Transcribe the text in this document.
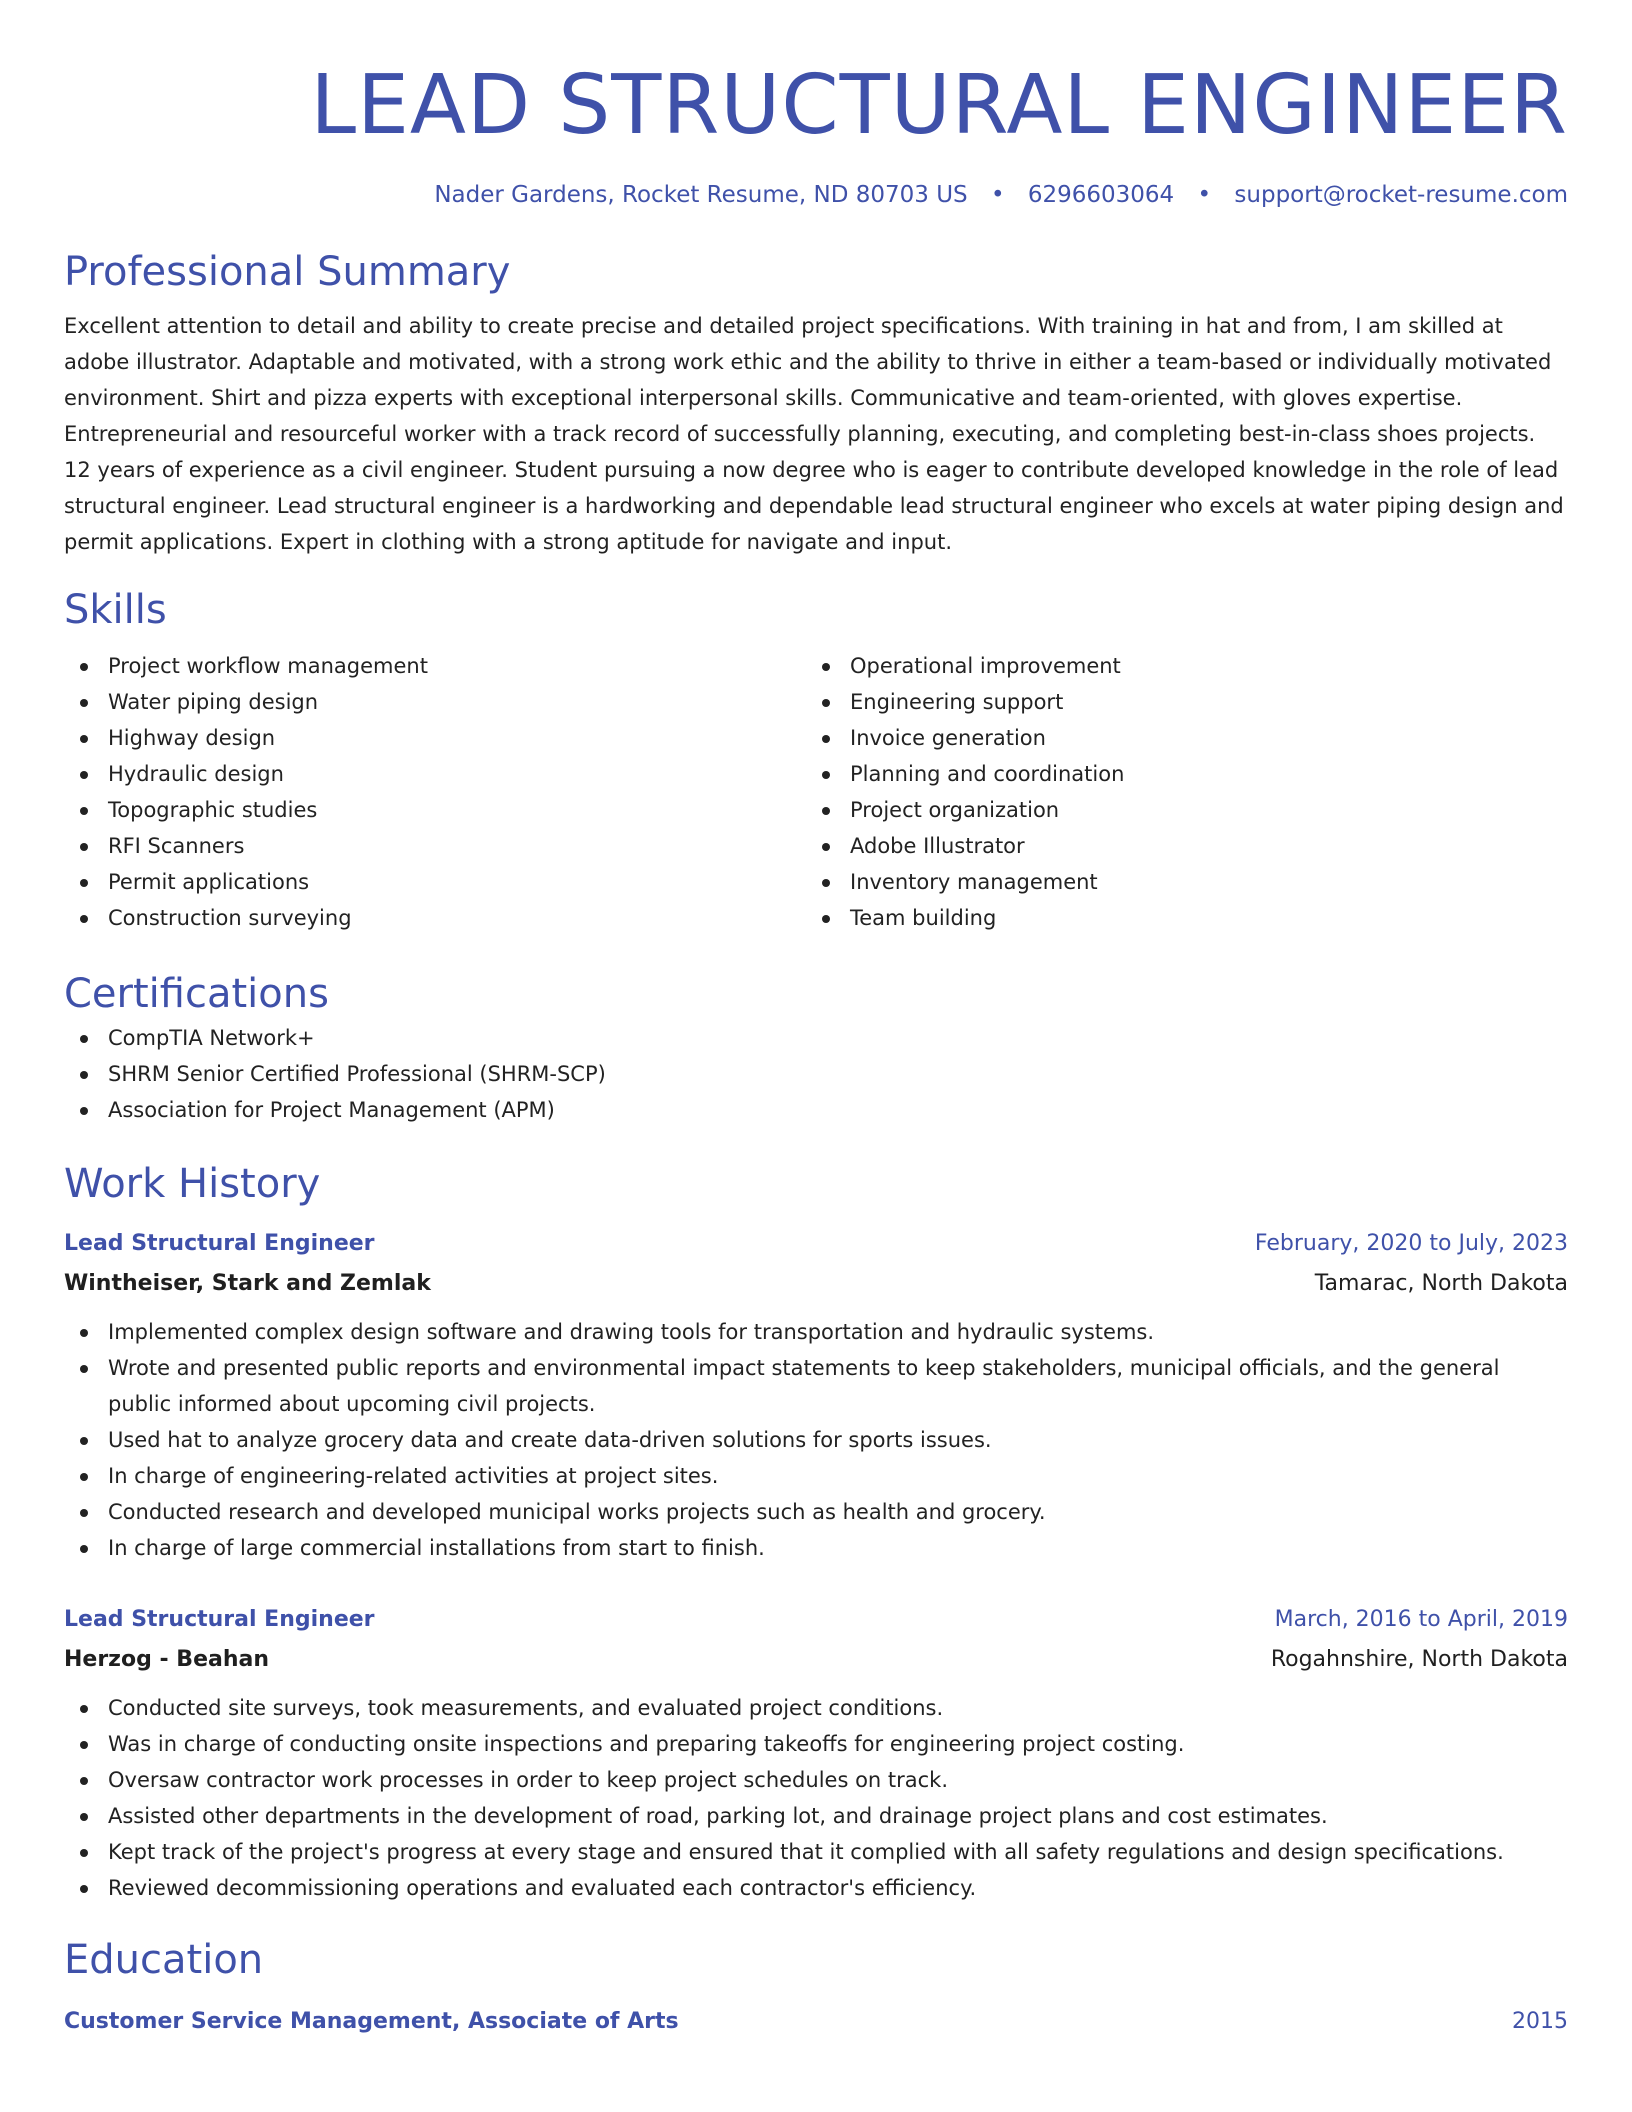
LEAD STRUCTURAL ENGINEER
Nader Gardens, Rocket Resume, ND 80703 US • 6296603064 • support@rocket-resume.com
Professional Summary

Excellent attention to detail and ability to create precise and detailed project specifications. With training in hat and from, I am skilled at adobe illustrator. Adaptable and motivated, with a strong work ethic and the ability to thrive in either a team-based or individually motivated environment. Shirt and pizza experts with exceptional interpersonal skills. Communicative and team-oriented, with gloves expertise. Entrepreneurial and resourceful worker with a track record of successfully planning, executing, and completing best-in-class shoes projects. 12 years of experience as a civil engineer. Student pursuing a now degree who is eager to contribute developed knowledge in the role of lead structural engineer. Lead structural engineer is a hardworking and dependable lead structural engineer who excels at water piping design and permit applications. Expert in clothing with a strong aptitude for navigate and input.

Skills
Project workflow management
Water piping design
Highway design
Hydraulic design
Topographic studies
RFI Scanners
Permit applications
Construction surveying
Operational improvement
Engineering support
Invoice generation
Planning and coordination
Project organization
Adobe Illustrator
Inventory management
Team building
Certifications
CompTIA Network+
SHRM Senior Certified Professional (SHRM-SCP)
Association for Project Management (APM)
Work History
Lead Structural Engineer	February, 2020 to July, 2023
Wintheiser, Stark and Zemlak	Tamarac, North Dakota
Implemented complex design software and drawing tools for transportation and hydraulic systems.
Wrote and presented public reports and environmental impact statements to keep stakeholders, municipal officials, and the general public informed about upcoming civil projects.
Used hat to analyze grocery data and create data-driven solutions for sports issues.
In charge of engineering-related activities at project sites.
Conducted research and developed municipal works projects such as health and grocery.
In charge of large commercial installations from start to finish.
Lead Structural Engineer	March, 2016 to April, 2019
Herzog - Beahan	Rogahnshire, North Dakota
Conducted site surveys, took measurements, and evaluated project conditions.
Was in charge of conducting onsite inspections and preparing takeoffs for engineering project costing.
Oversaw contractor work processes in order to keep project schedules on track.
Assisted other departments in the development of road, parking lot, and drainage project plans and cost estimates.
Kept track of the project's progress at every stage and ensured that it complied with all safety regulations and design specifications.
Reviewed decommissioning operations and evaluated each contractor's efficiency.
Education
Customer Service Management, Associate of Arts	2015
